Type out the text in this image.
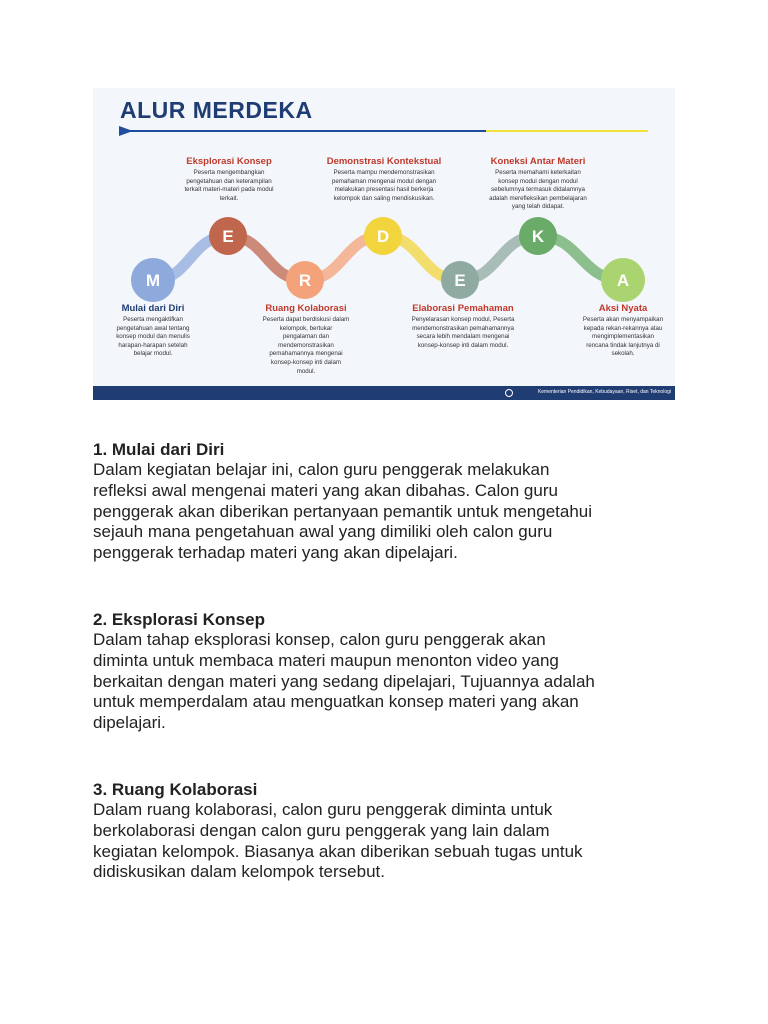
M
E
R
D
E
K
A
ALUR MERDEKA
Mulai dari Diri

Peserta mengaktifkan
pengetahuan awal tentang
konsep modul dan menulis
harapan-harapan setelah
belajar modul.

Eksplorasi Konsep

Peserta mengembangkan
pengetahuan dan keterampilan
terkait materi-materi pada modul
terkait.

Ruang Kolaborasi

Peserta dapat berdiskusi dalam
kelompok, bertukar
pengalaman dan
mendemonstrasikan
pemahamannya mengenai
konsep-konsep inti dalam
modul.

Demonstrasi Kontekstual

Peserta mampu mendemonstrasikan
pemahaman mengenai modul dengan
melakukan presentasi hasil berkerja
kelompok dan saling mendiskusikan.

Elaborasi Pemahaman

Penyelarasan konsep modul, Peserta
mendemonstrasikan pemahamannya
secara lebih mendalam mengenai
konsep-konsep inti dalam modul.

Koneksi Antar Materi

Peserta memahami keterkaitan
konsep modul dengan modul
sebelumnya termasuk didalamnya
adalah merefleksikan pembelajaran
yang telah didapat.

Aksi Nyata

Peserta akan menyampaikan
kepada rekan-rekannya atau
mengimplementasikan
rencana tindak lanjutnya di
sekolah.

Kementerian Pendidikan, Kebudayaan, Riset, dan Teknologi
1. Mulai dari Diri

Dalam kegiatan belajar ini, calon guru penggerak melakukan
refleksi awal mengenai materi yang akan dibahas. Calon guru
penggerak akan diberikan pertanyaan pemantik untuk mengetahui
sejauh mana pengetahuan awal yang dimiliki oleh calon guru
penggerak terhadap materi yang akan dipelajari.

2. Eksplorasi Konsep

Dalam tahap eksplorasi konsep, calon guru penggerak akan
diminta untuk membaca materi maupun menonton video yang
berkaitan dengan materi yang sedang dipelajari, Tujuannya adalah
untuk memperdalam atau menguatkan konsep materi yang akan
dipelajari.

3. Ruang Kolaborasi

Dalam ruang kolaborasi, calon guru penggerak diminta untuk
berkolaborasi dengan calon guru penggerak yang lain dalam
kegiatan kelompok. Biasanya akan diberikan sebuah tugas untuk
didiskusikan dalam kelompok tersebut.
